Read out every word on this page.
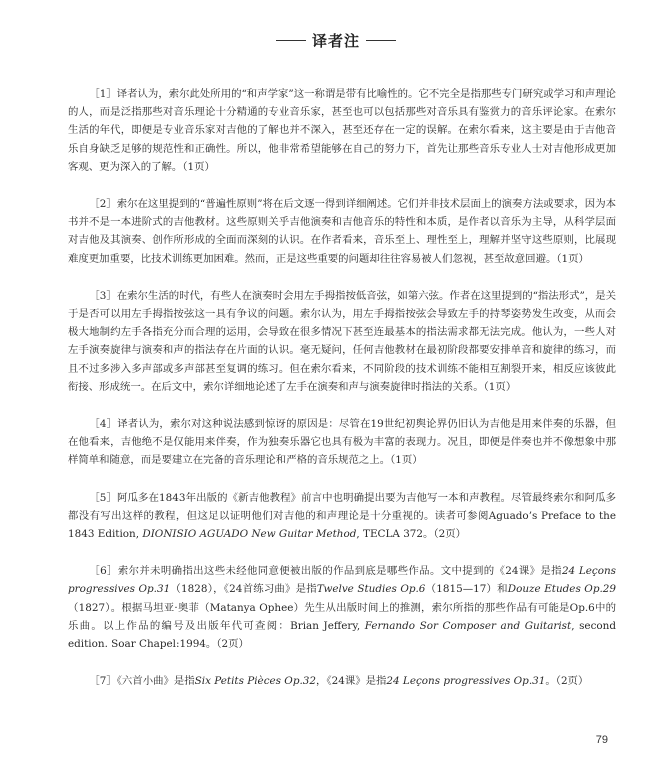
译者注

［1］译者认为，索尔此处所用的“和声学家”这一称谓是带有比喻性的。它不完全是指那些专门研究或学习和声理论的人，而是泛指那些对音乐理论十分精通的专业音乐家，甚至也可以包括那些对音乐具有鉴赏力的音乐评论家。在索尔生活的年代，即便是专业音乐家对吉他的了解也并不深入，甚至还存在一定的误解。在索尔看来，这主要是由于吉他音乐自身缺乏足够的规范性和正确性。所以，他非常希望能够在自己的努力下，首先让那些音乐专业人士对吉他形成更加客观、更为深入的了解。（1页）

［2］索尔在这里提到的“普遍性原则”将在后文逐一得到详细阐述。它们并非技术层面上的演奏方法或要求，因为本书并不是一本进阶式的吉他教材。这些原则关乎吉他演奏和吉他音乐的特性和本质，是作者以音乐为主导，从科学层面对吉他及其演奏、创作所形成的全面而深刻的认识。在作者看来，音乐至上、理性至上，理解并坚守这些原则，比展现难度更加重要，比技术训练更加困难。然而，正是这些重要的问题却往往容易被人们忽视，甚至故意回避。（1页）

［3］在索尔生活的时代，有些人在演奏时会用左手拇指按低音弦，如第六弦。作者在这里提到的“指法形式”，是关于是否可以用左手拇指按弦这一具有争议的问题。索尔认为，用左手拇指按弦会导致左手的持琴姿势发生改变，从而会极大地制约左手各指充分而合理的运用，会导致在很多情况下甚至连最基本的指法需求都无法完成。他认为，一些人对左手演奏旋律与演奏和声的指法存在片面的认识。毫无疑问，任何吉他教材在最初阶段都要安排单音和旋律的练习，而且不过多涉入多声部或多声部甚至复调的练习。但在索尔看来，不同阶段的技术训练不能相互割裂开来，相反应该彼此衔接、形成统一。在后文中，索尔详细地论述了左手在演奏和声与演奏旋律时指法的关系。（1页）

［4］译者认为，索尔对这种说法感到惊讶的原因是：尽管在19世纪初舆论界仍旧认为吉他是用来伴奏的乐器，但在他看来，吉他绝不是仅能用来伴奏，作为独奏乐器它也具有极为丰富的表现力。况且，即便是伴奏也并不像想象中那样简单和随意，而是要建立在完备的音乐理论和严格的音乐规范之上。（1页）

［5］阿瓜多在1843年出版的《新吉他教程》前言中也明确提出要为吉他写一本和声教程。尽管最终索尔和阿瓜多都没有写出这样的教程，但这足以证明他们对吉他的和声理论是十分重视的。读者可参阅Aguado’s Preface to the 1843 Edition, DIONISIO AGUADO New Guitar Method, TECLA 372。（2页）

［6］索尔并未明确指出这些未经他同意便被出版的作品到底是哪些作品。文中提到的《24课》是指24 Leçons progressives Op.31（1828），《24首练习曲》是指Twelve Studies Op.6（1815—17）和Douze Etudes Op.29（1827）。根据马坦亚·奥菲（Matanya Ophee）先生从出版时间上的推测，索尔所指的那些作品有可能是Op.6中的乐曲。以上作品的编号及出版年代可查阅：Brian Jeffery, Fernando Sor Composer and Guitarist, second edition. Soar Chapel:1994。（2页）

［7］《六首小曲》是指Six Petits Pièces Op.32，《24课》是指24 Leçons progressives Op.31。（2页）

79
